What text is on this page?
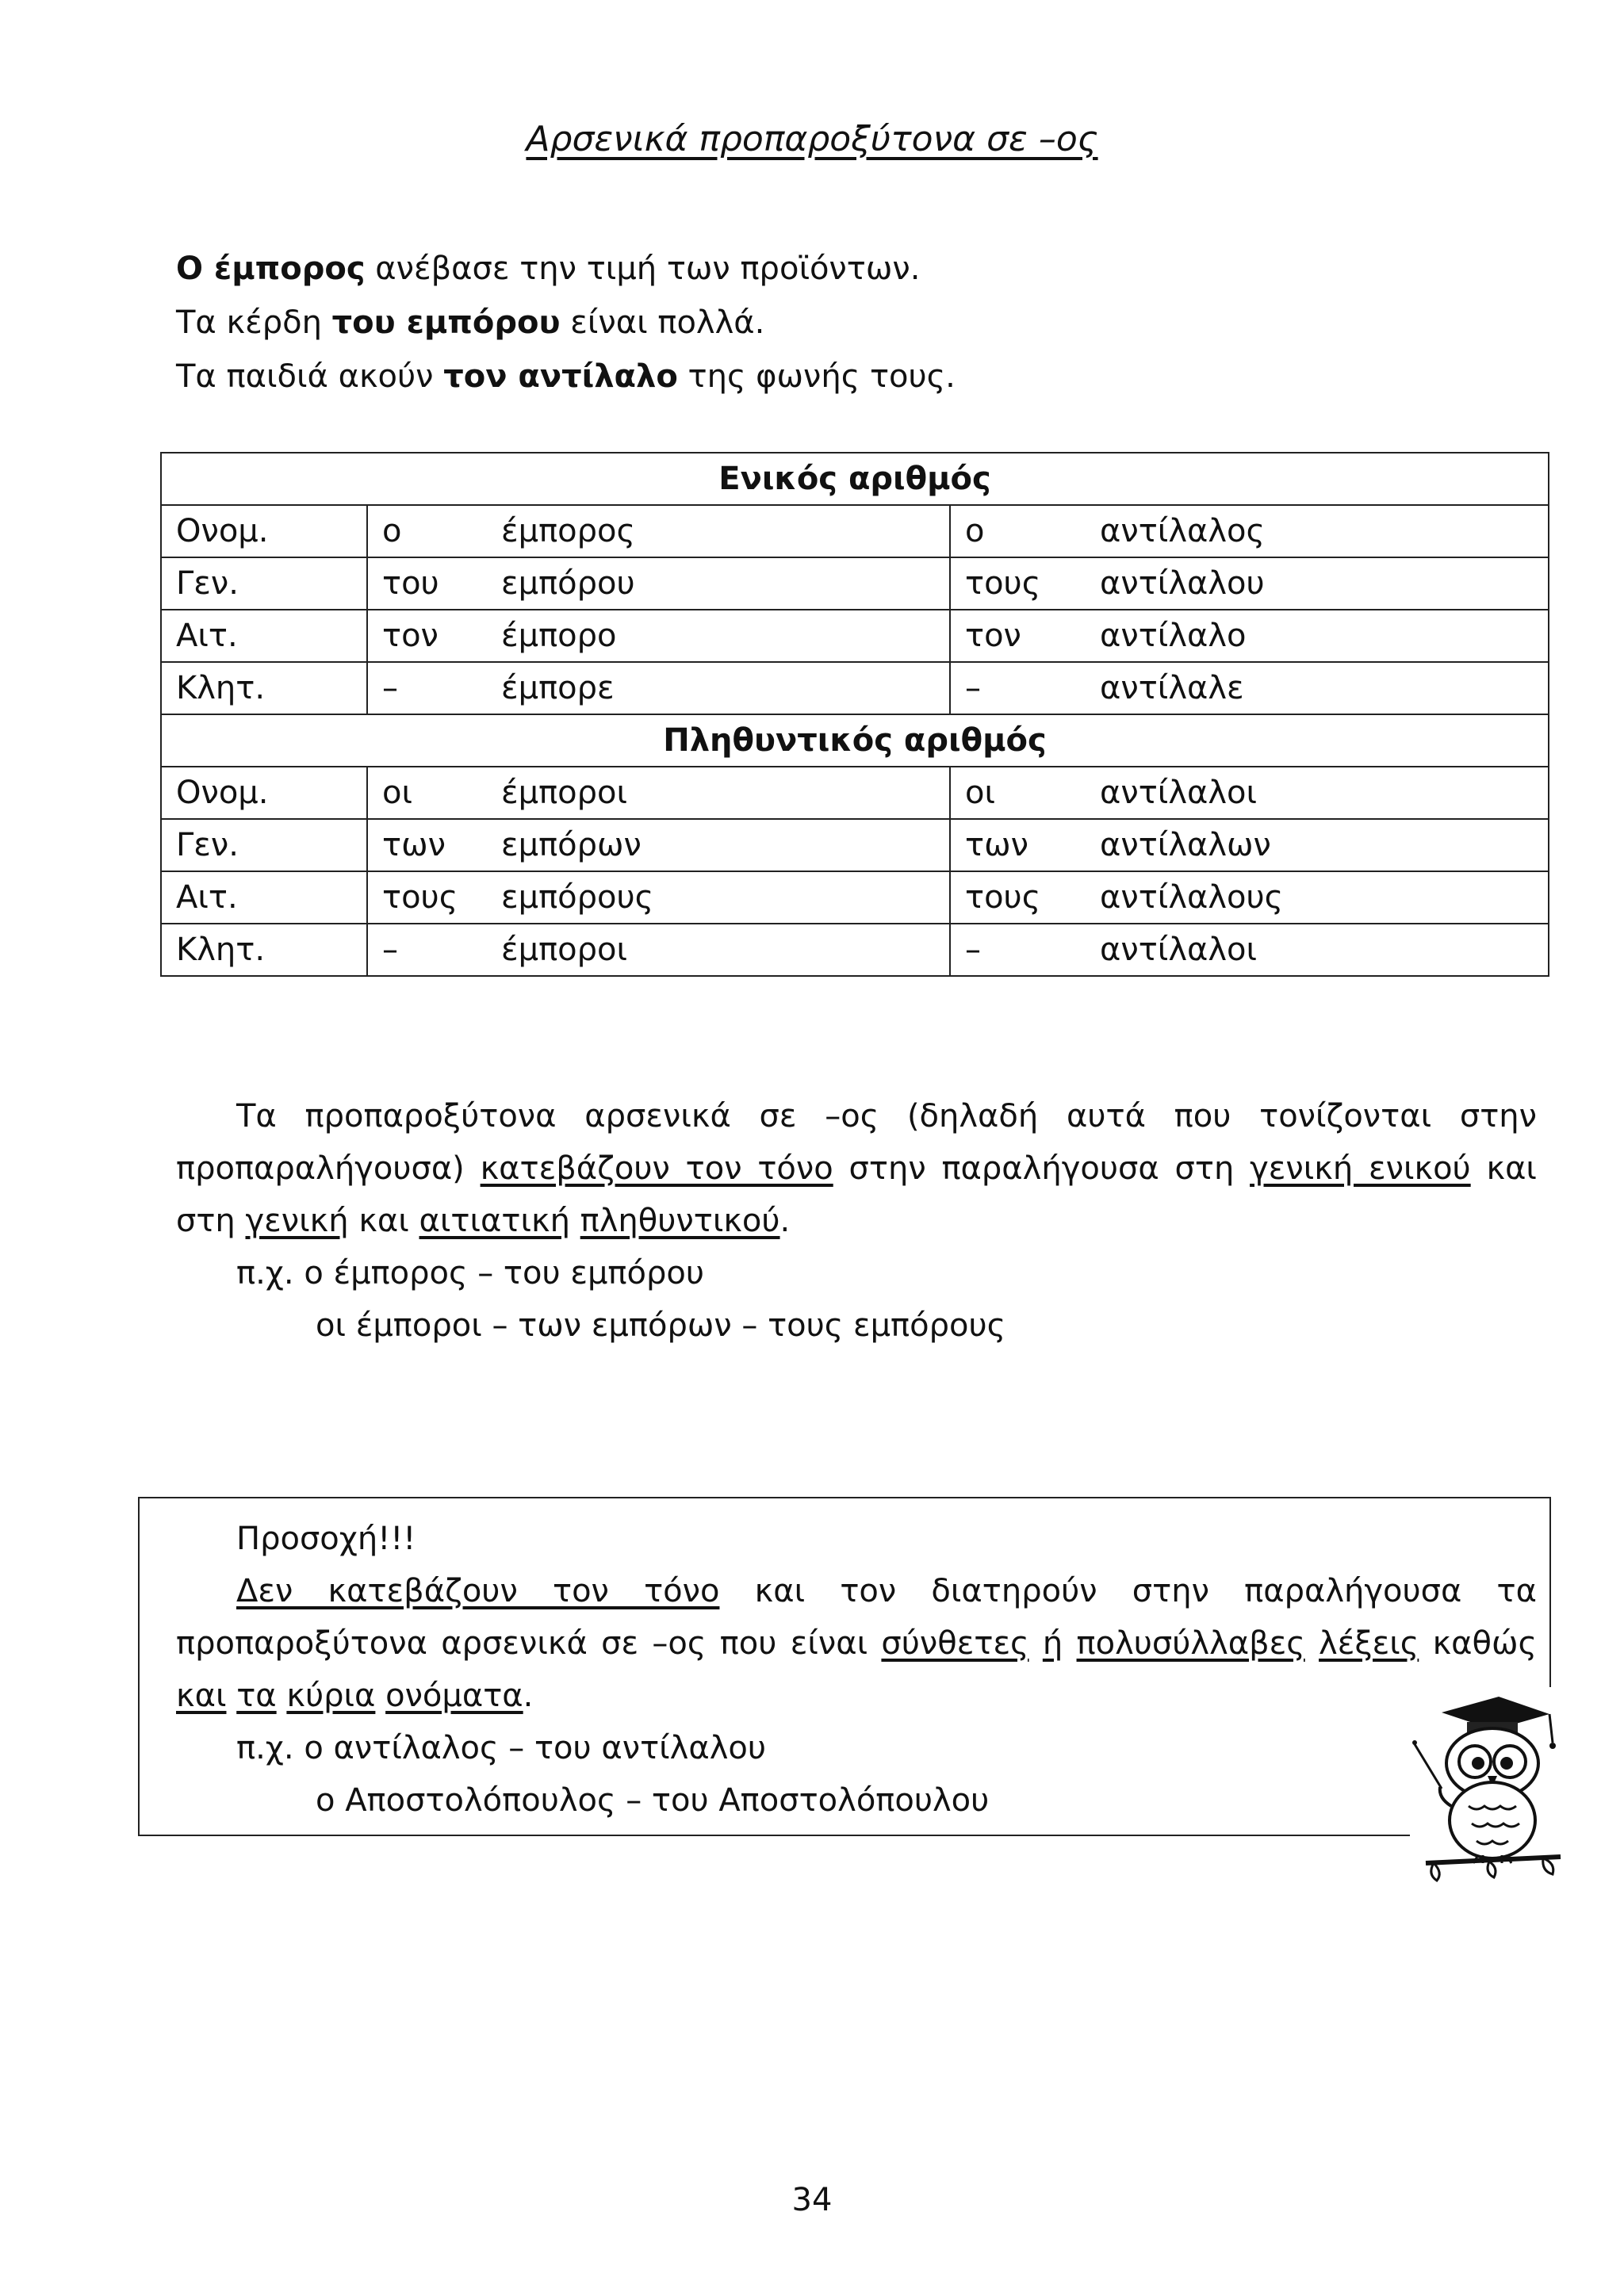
Αρσενικά προπαροξύτονα σε –ος

Ο έμπορος ανέβασε την τιμή των προϊόντων.

Τα κέρδη του εμπόρου είναι πολλά.

Τα παιδιά ακούν τον αντίλαλο της φωνής τους.

Ενικός αριθμός		
Ονομ.	ο έμπορος	ο αντίλαλος
Γεν.	του εμπόρου	τους αντίλαλου
Αιτ.	τον έμπορο	τον αντίλαλο
Κλητ.	– έμπορε	– αντίλαλε
Πληθυντικός αριθμός		
Ονομ.	οι έμποροι	οι αντίλαλοι
Γεν.	των εμπόρων	των αντίλαλων
Αιτ.	τους εμπόρους	τους αντίλαλους
Κλητ.	– έμποροι	– αντίλαλοι

Τα προπαροξύτονα αρσενικά σε –ος (δηλαδή αυτά που τονίζονται στην προπαραλήγουσα) κατεβάζουν τον τόνο στην παραλήγουσα στη γενική ενικού και στη γενική και αιτιατική πληθυντικού.

π.χ. ο έμπορος – του εμπόρου

οι έμποροι – των εμπόρων – τους εμπόρους

Προσοχή!!!

Δεν κατεβάζουν τον τόνο και τον διατηρούν στην παραλήγουσα τα προπαροξύτονα αρσενικά σε –ος που είναι σύνθετες ή πολυσύλλαβες λέξεις καθώς και τα κύρια ονόματα.

π.χ. ο αντίλαλος – του αντίλαλου

ο Αποστολόπουλος – του Αποστολόπουλου

34
